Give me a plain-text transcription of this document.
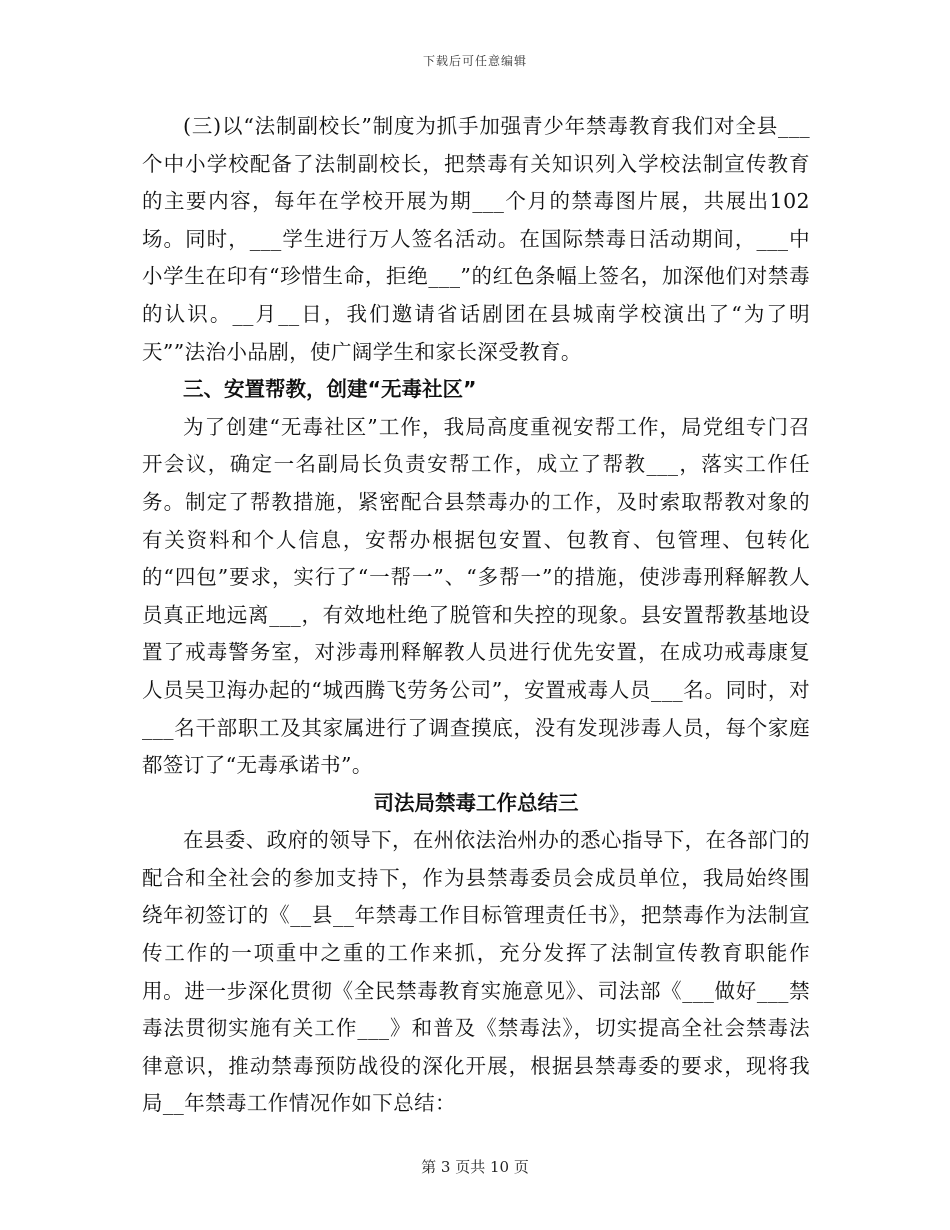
下载后可任意编辑

(三)以“法制副校长”制度为抓手加强青少年禁毒教育我们对全县___个中小学校配备了法制副校长，把禁毒有关知识列入学校法制宣传教育的主要内容，每年在学校开展为期___个月的禁毒图片展，共展出102场。同时，___学生进行万人签名活动。在国际禁毒日活动期间，___中小学生在印有“珍惜生命，拒绝___”的红色条幅上签名，加深他们对禁毒的认识。__月__日，我们邀请省话剧团在县城南学校演出了“为了明天””法治小品剧，使广阔学生和家长深受教育。

三、安置帮教，创建“无毒社区”

为了创建“无毒社区”工作，我局高度重视安帮工作，局党组专门召开会议，确定一名副局长负责安帮工作，成立了帮教___，落实工作任务。制定了帮教措施，紧密配合县禁毒办的工作，及时索取帮教对象的有关资料和个人信息，安帮办根据包安置、包教育、包管理、包转化的“四包”要求，实行了“一帮一”、“多帮一”的措施，使涉毒刑释解教人员真正地远离___，有效地杜绝了脱管和失控的现象。县安置帮教基地设置了戒毒警务室，对涉毒刑释解教人员进行优先安置，在成功戒毒康复人员吴卫海办起的“城西腾飞劳务公司”，安置戒毒人员___名。同时，对___名干部职工及其家属进行了调查摸底，没有发现涉毒人员，每个家庭都签订了“无毒承诺书”。

司法局禁毒工作总结三

在县委、政府的领导下，在州依法治州办的悉心指导下，在各部门的配合和全社会的参加支持下，作为县禁毒委员会成员单位，我局始终围绕年初签订的《__县__年禁毒工作目标管理责任书》，把禁毒作为法制宣传工作的一项重中之重的工作来抓，充分发挥了法制宣传教育职能作用。进一步深化贯彻《全民禁毒教育实施意见》、司法部《___做好___禁毒法贯彻实施有关工作___》和普及《禁毒法》，切实提高全社会禁毒法律意识，推动禁毒预防战役的深化开展，根据县禁毒委的要求，现将我局__年禁毒工作情况作如下总结：

第 3 页共 10 页
